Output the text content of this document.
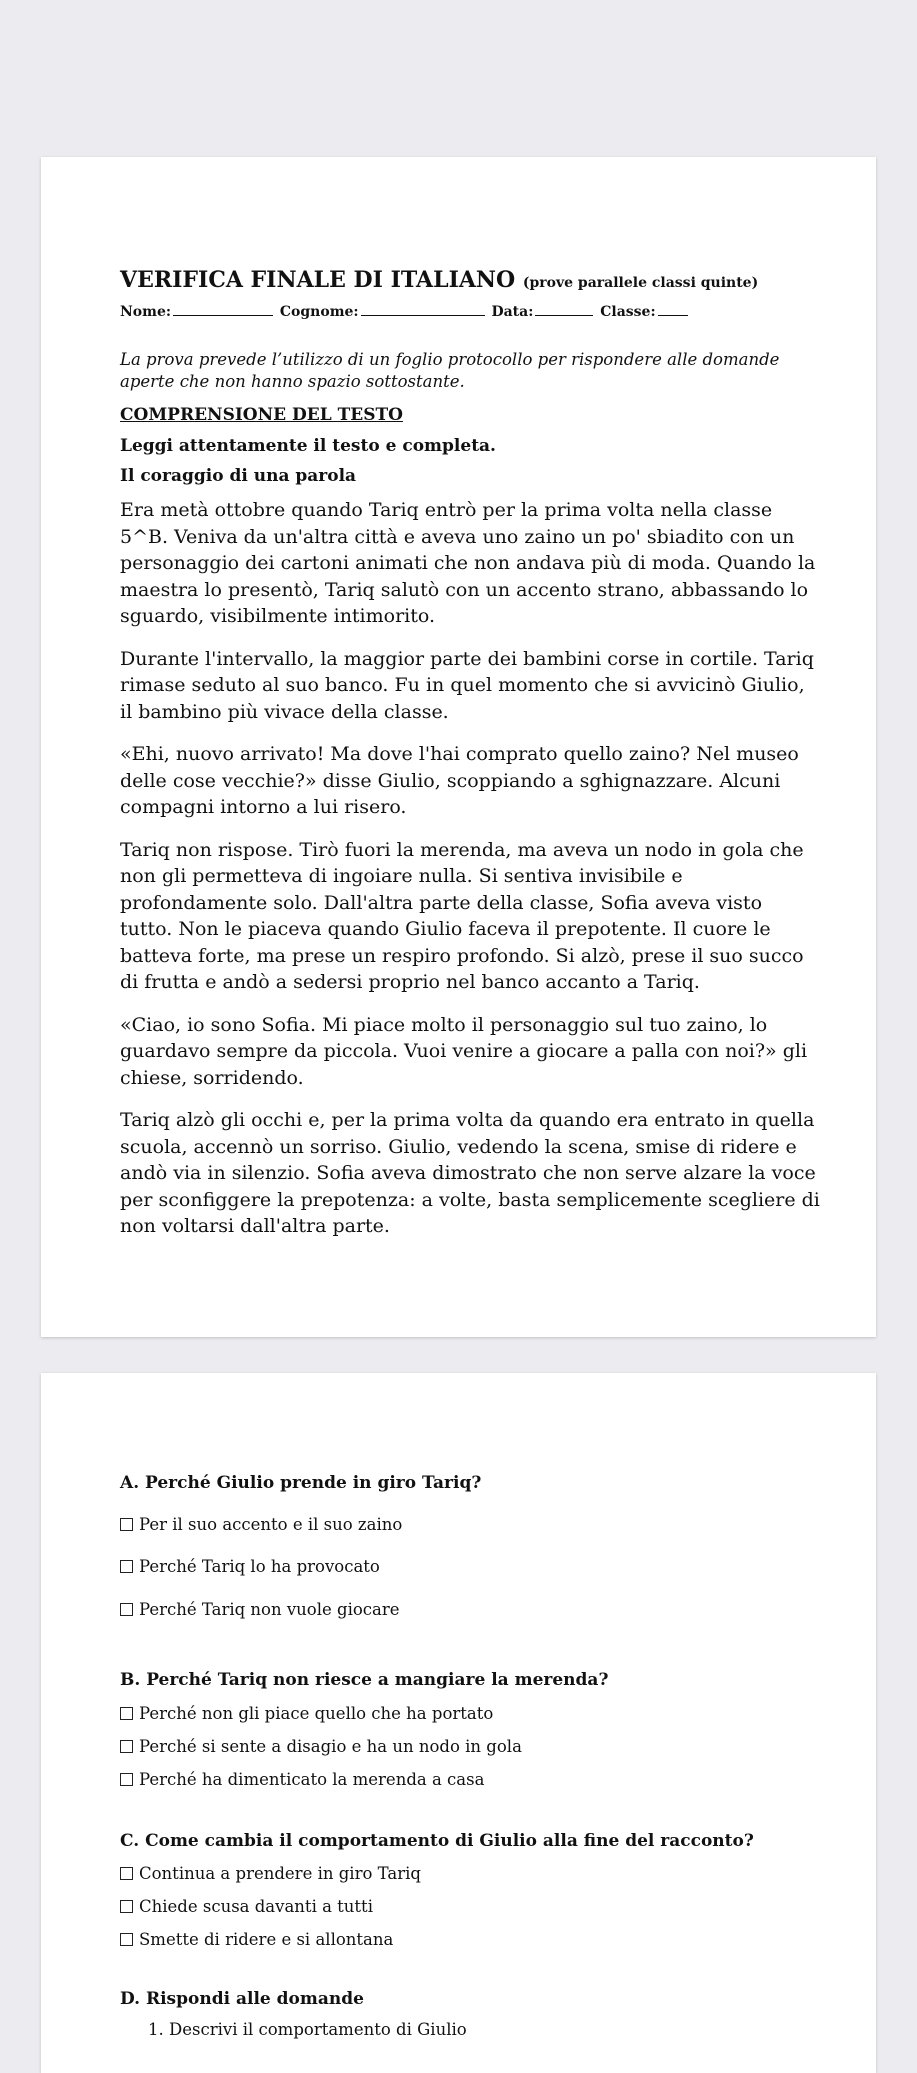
VERIFICA FINALE DI ITALIANO (prove parallele classi quinte)
Nome:	Cognome:	Data:	Classe:

La prova prevede l’utilizzo di un foglio protocollo per rispondere alle domande aperte che non hanno spazio sottostante.

COMPRENSIONE DEL TESTO
Leggi attentamente il testo e completa.
Il coraggio di una parola

Era metà ottobre quando Tariq entrò per la prima volta nella classe 5^B. Veniva da un'altra città e aveva uno zaino un po' sbiadito con un personaggio dei cartoni animati che non andava più di moda. Quando la maestra lo presentò, Tariq salutò con un accento strano, abbassando lo sguardo, visibilmente intimorito.

Durante l'intervallo, la maggior parte dei bambini corse in cortile. Tariq rimase seduto al suo banco. Fu in quel momento che si avvicinò Giulio, il bambino più vivace della classe.

«Ehi, nuovo arrivato! Ma dove l'hai comprato quello zaino? Nel museo delle cose vecchie?» disse Giulio, scoppiando a sghignazzare. Alcuni compagni intorno a lui risero.

Tariq non rispose. Tirò fuori la merenda, ma aveva un nodo in gola che non gli permetteva di ingoiare nulla. Si sentiva invisibile e profondamente solo. Dall'altra parte della classe, Sofia aveva visto tutto. Non le piaceva quando Giulio faceva il prepotente. Il cuore le batteva forte, ma prese un respiro profondo. Si alzò, prese il suo succo di frutta e andò a sedersi proprio nel banco accanto a Tariq.

«Ciao, io sono Sofia. Mi piace molto il personaggio sul tuo zaino, lo guardavo sempre da piccola. Vuoi venire a giocare a palla con noi?» gli chiese, sorridendo.

Tariq alzò gli occhi e, per la prima volta da quando era entrato in quella scuola, accennò un sorriso. Giulio, vedendo la scena, smise di ridere e andò via in silenzio. Sofia aveva dimostrato che non serve alzare la voce per sconfiggere la prepotenza: a volte, basta semplicemente scegliere di non voltarsi dall'altra parte.

A. Perché Giulio prende in giro Tariq?
Per il suo accento e il suo zaino
Perché Tariq lo ha provocato
Perché Tariq non vuole giocare
B. Perché Tariq non riesce a mangiare la merenda?
Perché non gli piace quello che ha portato
Perché si sente a disagio e ha un nodo in gola
Perché ha dimenticato la merenda a casa
C. Come cambia il comportamento di Giulio alla fine del racconto?
Continua a prendere in giro Tariq
Chiede scusa davanti a tutti
Smette di ridere e si allontana
D. Rispondi alle domande
1. Descrivi il comportamento di Giulio
